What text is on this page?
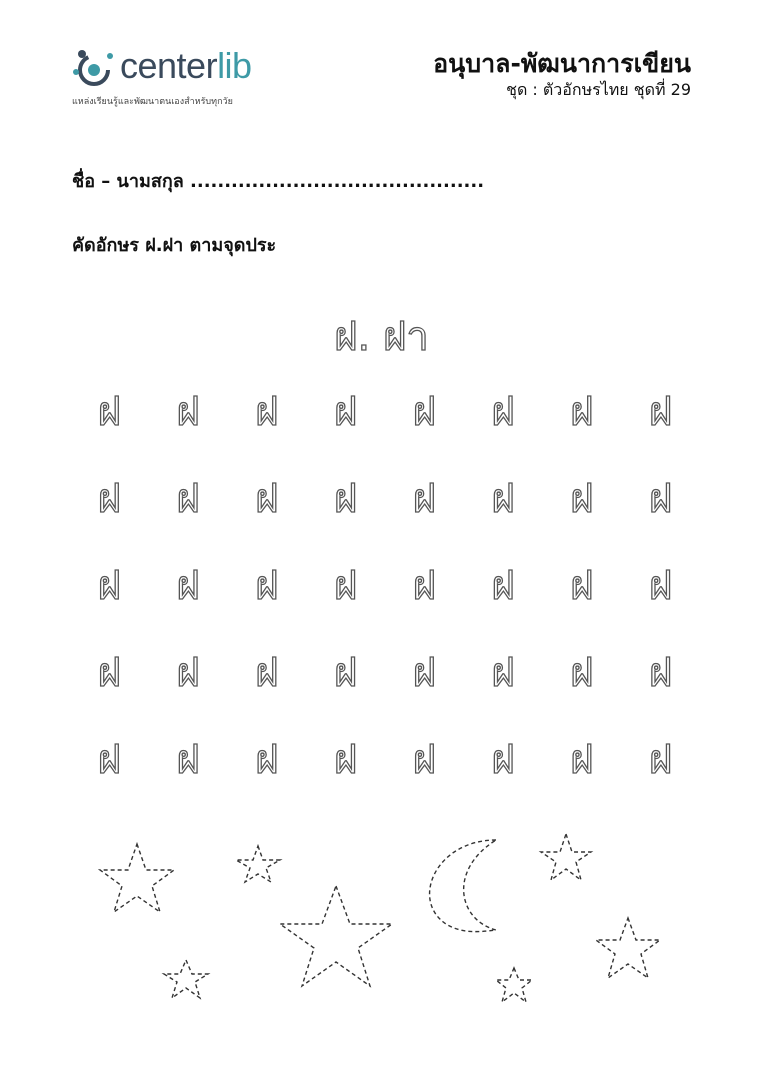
centerlib
แหล่งเรียนรู้และพัฒนาตนเองสำหรับทุกวัย
อนุบาล-พัฒนาการเขียน
ชุด : ตัวอักษรไทย ชุดที่ 29
ชื่อ – นามสกุล ...........................................
คัดอักษร ฝ.ฝา ตามจุดประ
ฝ. ฝา
ฝ	ฝ	ฝ	ฝ	ฝ	ฝ	ฝ	ฝ
ฝ	ฝ	ฝ	ฝ	ฝ	ฝ	ฝ	ฝ
ฝ	ฝ	ฝ	ฝ	ฝ	ฝ	ฝ	ฝ
ฝ	ฝ	ฝ	ฝ	ฝ	ฝ	ฝ	ฝ
ฝ	ฝ	ฝ	ฝ	ฝ	ฝ	ฝ	ฝ
